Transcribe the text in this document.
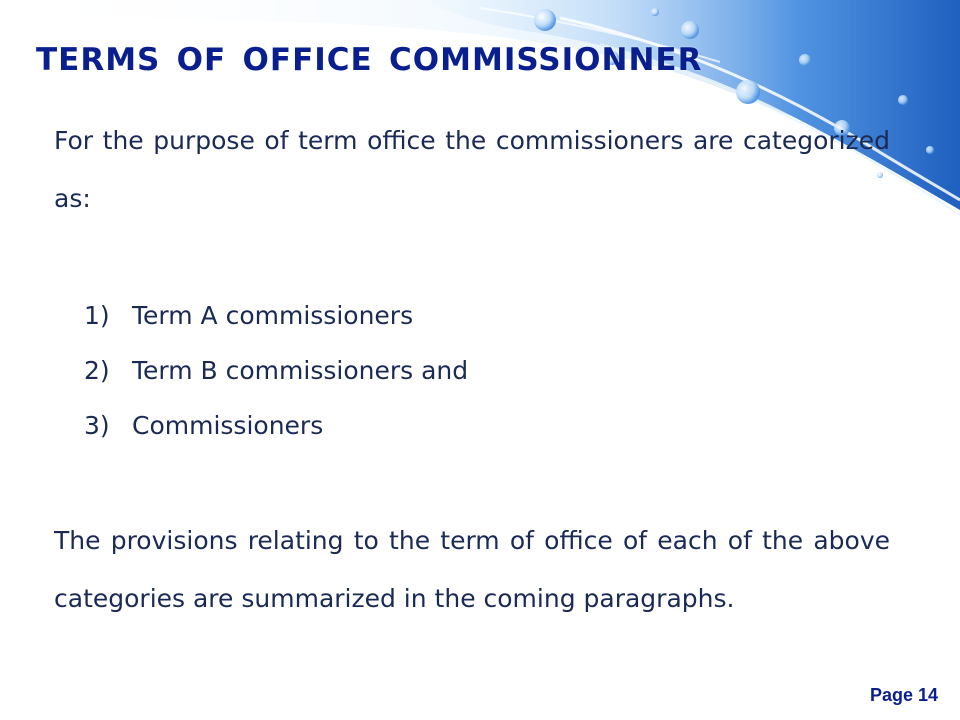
terms of office commissionner

For the purpose of term office the commissioners are categorized as:

1) Term A commissioners
2) Term B commissioners and
3) Commissioners

The provisions relating to the term of office of each of the above categories are summarized in the coming paragraphs.

Page 14
